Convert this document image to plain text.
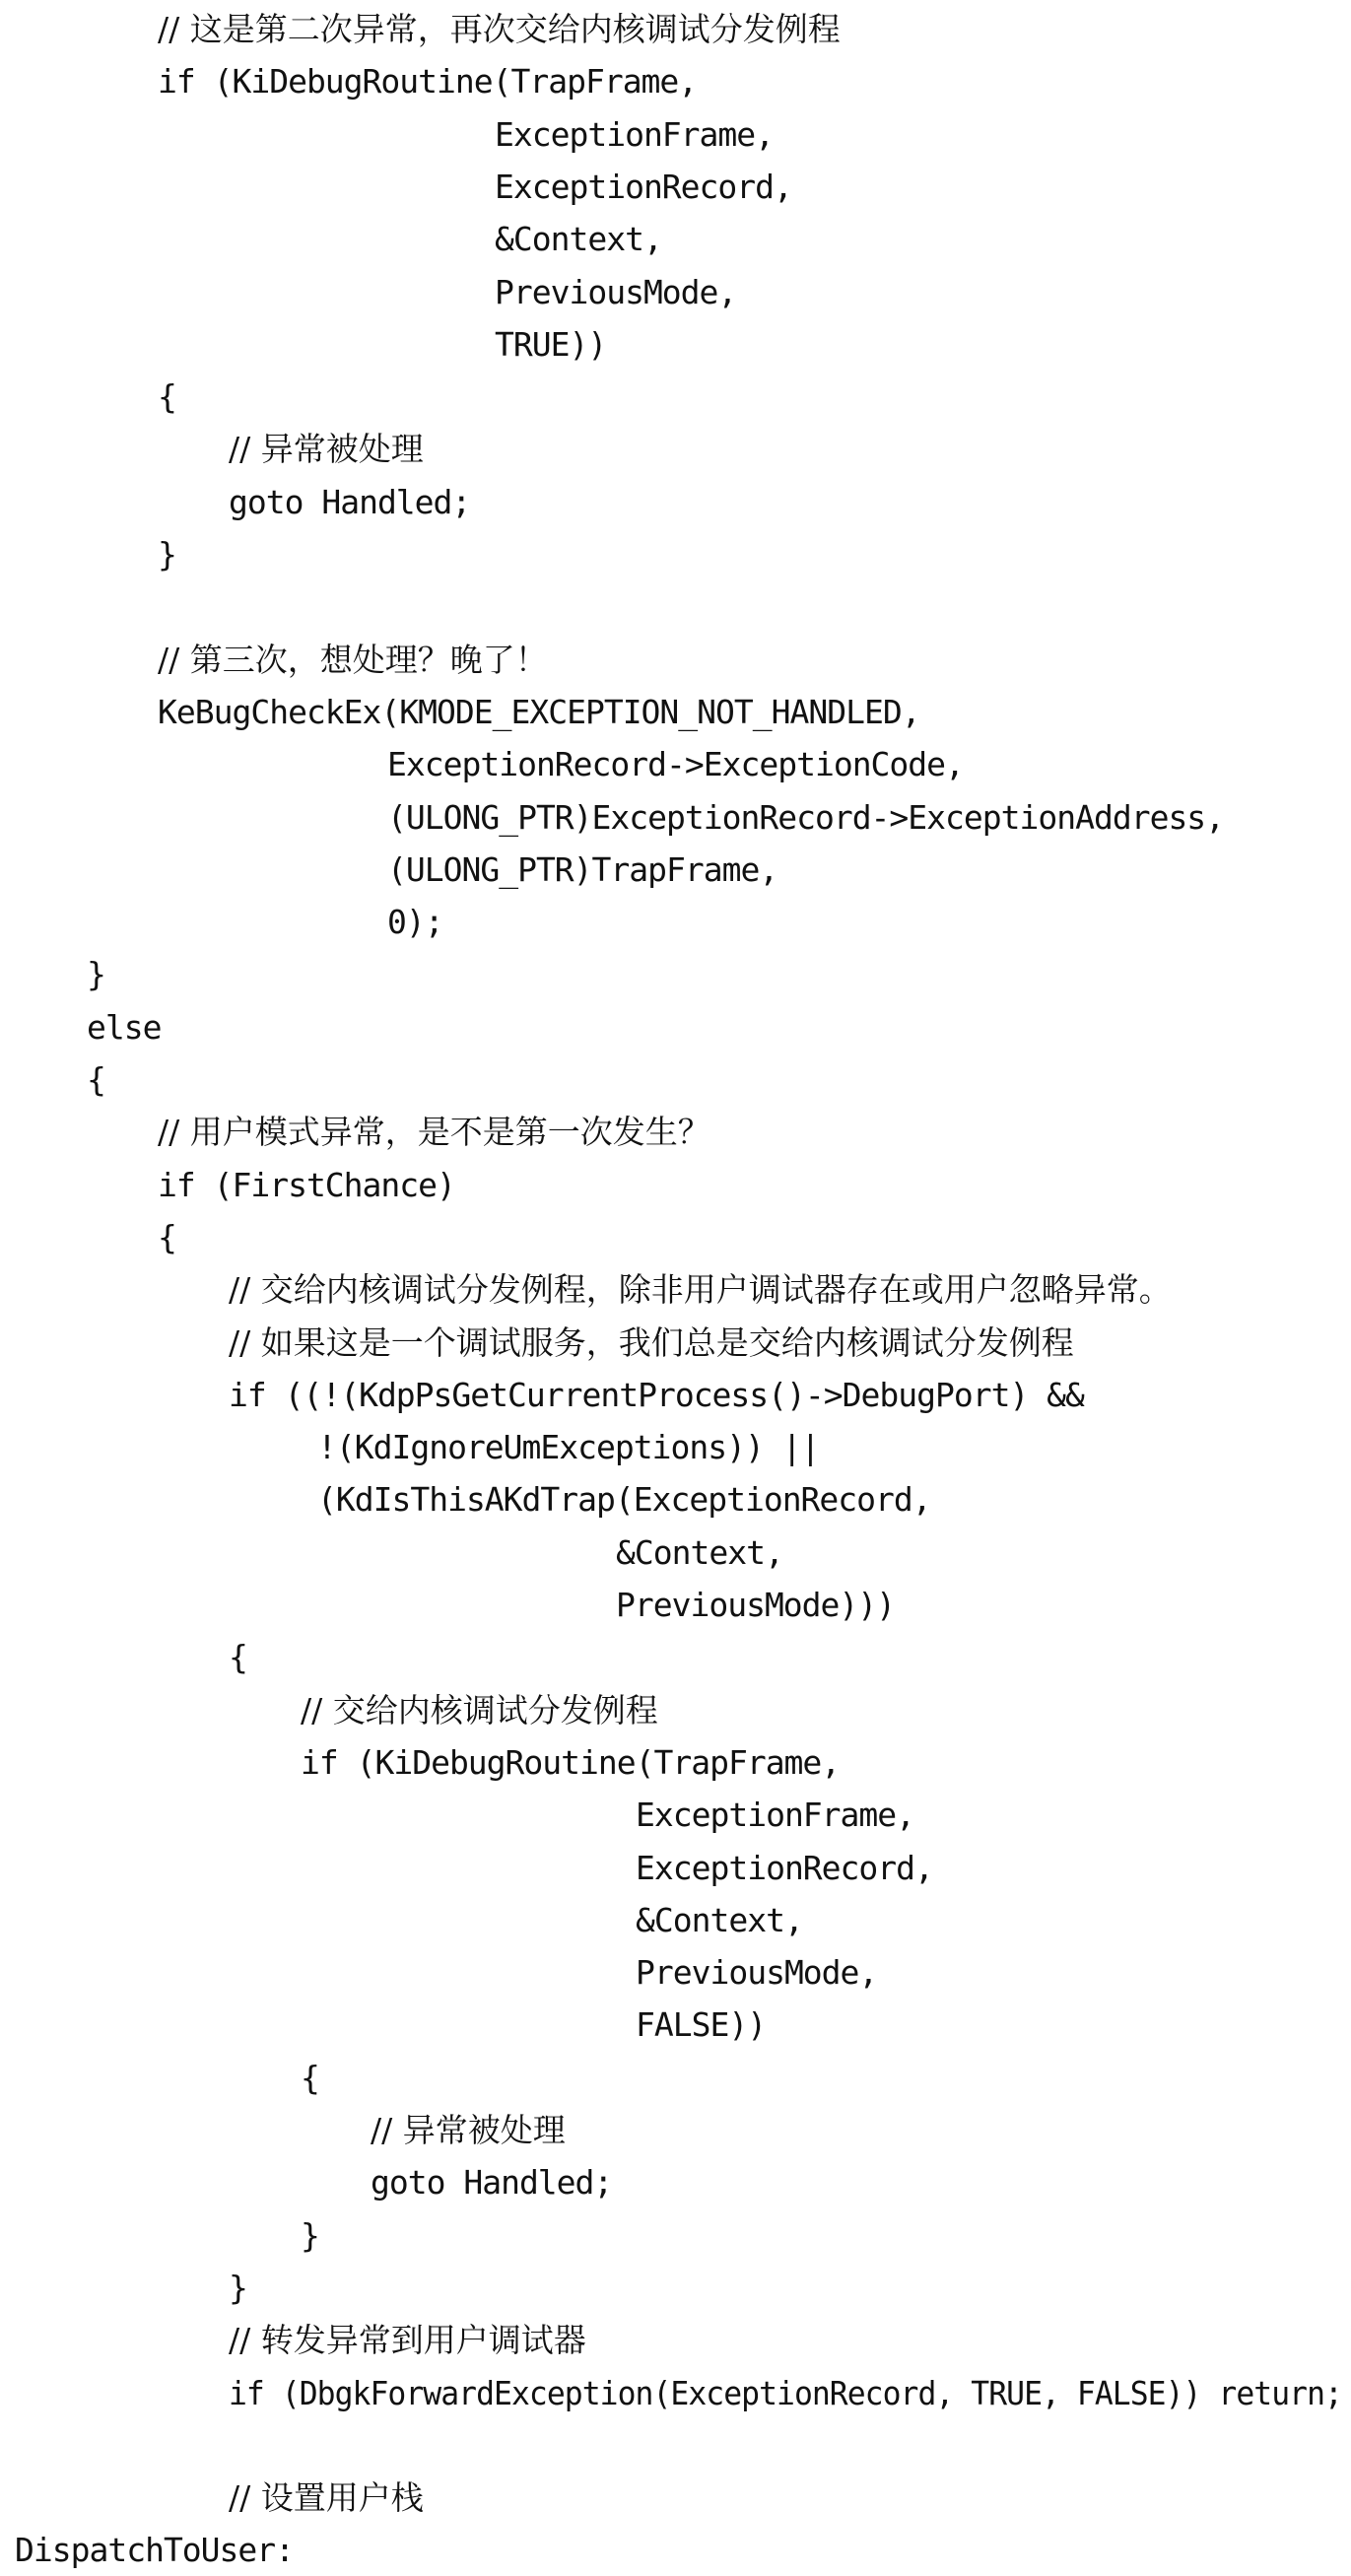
// 这是第二次异常，再次交给内核调试分发例程
if (KiDebugRoutine(TrapFrame,
ExceptionFrame,
ExceptionRecord,
&Context,
PreviousMode,
TRUE))
{
// 异常被处理
goto Handled;
}
// 第三次，想处理？晚了！
KeBugCheckEx(KMODE_EXCEPTION_NOT_HANDLED,
ExceptionRecord->ExceptionCode,
(ULONG_PTR)ExceptionRecord->ExceptionAddress,
(ULONG_PTR)TrapFrame,
0);
}
else
{
// 用户模式异常，是不是第一次发生？
if (FirstChance)
{
// 交给内核调试分发例程，除非用户调试器存在或用户忽略异常。
// 如果这是一个调试服务，我们总是交给内核调试分发例程
if ((!(KdpPsGetCurrentProcess()->DebugPort) &&
!(KdIgnoreUmExceptions)) ||
(KdIsThisAKdTrap(ExceptionRecord,
&Context,
PreviousMode)))
{
// 交给内核调试分发例程
if (KiDebugRoutine(TrapFrame,
ExceptionFrame,
ExceptionRecord,
&Context,
PreviousMode,
FALSE))
{
// 异常被处理
goto Handled;
}
}
// 转发异常到用户调试器
if (DbgkForwardException(ExceptionRecord, TRUE, FALSE)) return;
// 设置用户栈
DispatchToUser:
